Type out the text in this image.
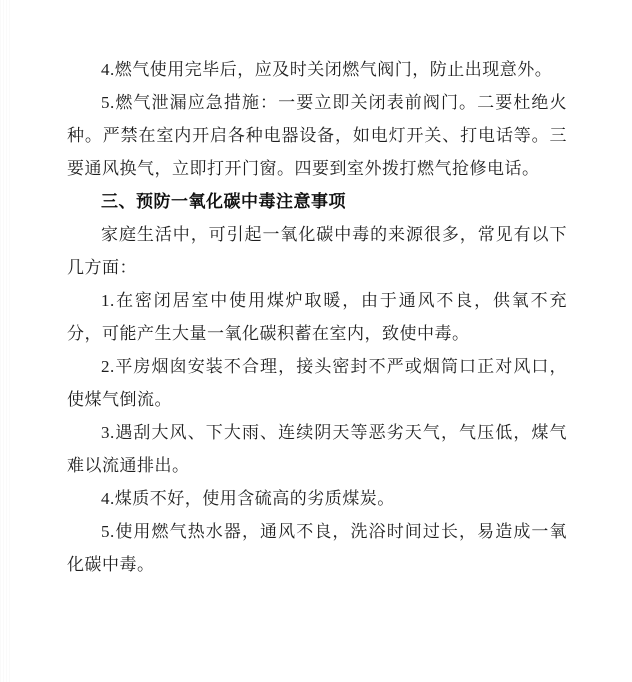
4.燃气使用完毕后，应及时关闭燃气阀门，防止出现意外。

5.燃气泄漏应急措施：一要立即关闭表前阀门。二要杜绝火种。严禁在室内开启各种电器设备，如电灯开关、打电话等。三要通风换气，立即打开门窗。四要到室外拨打燃气抢修电话。

三、预防一氧化碳中毒注意事项

家庭生活中，可引起一氧化碳中毒的来源很多，常见有以下几方面：

1.在密闭居室中使用煤炉取暖，由于通风不良，供氧不充分，可能产生大量一氧化碳积蓄在室内，致使中毒。

2.平房烟囱安装不合理，接头密封不严或烟筒口正对风口，使煤气倒流。

3.遇刮大风、下大雨、连续阴天等恶劣天气，气压低，煤气难以流通排出。

4.煤质不好，使用含硫高的劣质煤炭。

5.使用燃气热水器，通风不良，洗浴时间过长，易造成一氧化碳中毒。
